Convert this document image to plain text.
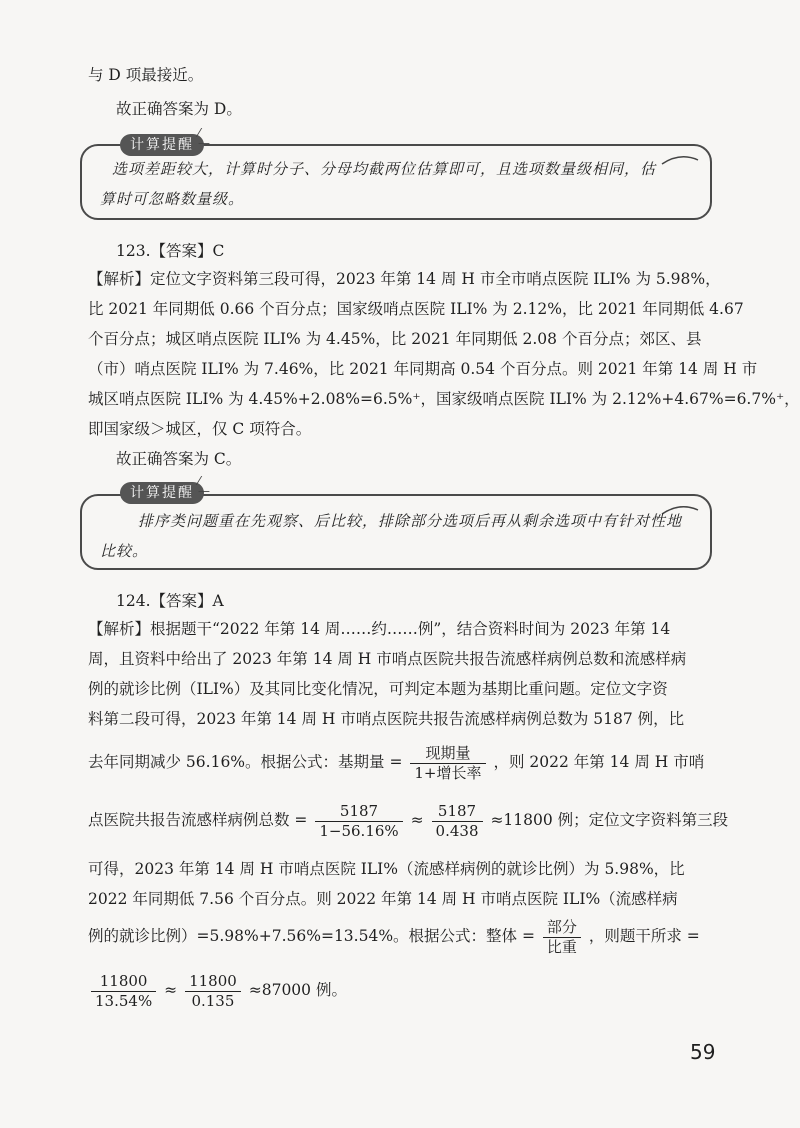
与 D 项最接近。
故正确答案为 D。
计算提醒
⁄
—
选项差距较大，计算时分子、分母均截两位估算即可，且选项数量级相同，估
算时可忽略数量级。
123.【答案】C
【解析】定位文字资料第三段可得，2023 年第 14 周 H 市全市哨点医院 ILI% 为 5.98%，
比 2021 年同期低 0.66 个百分点；国家级哨点医院 ILI% 为 2.12%，比 2021 年同期低 4.67
个百分点；城区哨点医院 ILI% 为 4.45%，比 2021 年同期低 2.08 个百分点；郊区、县
（市）哨点医院 ILI% 为 7.46%，比 2021 年同期高 0.54 个百分点。则 2021 年第 14 周 H 市
城区哨点医院 ILI% 为 4.45%+2.08%=6.5%⁺，国家级哨点医院 ILI% 为 2.12%+4.67%=6.7%⁺，
即国家级＞城区，仅 C 项符合。
故正确答案为 C。
计算提醒
⁄
—
排序类问题重在先观察、后比较，排除部分选项后再从剩余选项中有针对性地
比较。
124.【答案】A
【解析】根据题干“2022 年第 14 周……约……例”，结合资料时间为 2023 年第 14
周，且资料中给出了 2023 年第 14 周 H 市哨点医院共报告流感样病例总数和流感样病
例的就诊比例（ILI%）及其同比变化情况，可判定本题为基期比重问题。定位文字资
料第二段可得，2023 年第 14 周 H 市哨点医院共报告流感样病例总数为 5187 例，比
去年同期减少 56.16%。根据公式：基期量 = $\frac{\text{现期量}}{\text{1+增长率}}$ ，则 2022 年第 14 周 H 市哨
点医院共报告流感样病例总数 = $\frac{5187}{1-56.16\%} \approx \frac{5187}{0.438} \approx 11800$ 例；定位文字资料第三段
可得，2023 年第 14 周 H 市哨点医院 ILI%（流感样病例的就诊比例）为 5.98%，比
2022 年同期低 7.56 个百分点。则 2022 年第 14 周 H 市哨点医院 ILI%（流感样病
例的就诊比例）=5.98%+7.56%=13.54%。根据公式：整体 = $\frac{\text{部分}}{\text{比重}}$ ，则题干所求 =
$\frac{11800}{13.54\%} \approx \frac{11800}{0.135} \approx 87000$ 例。
59
